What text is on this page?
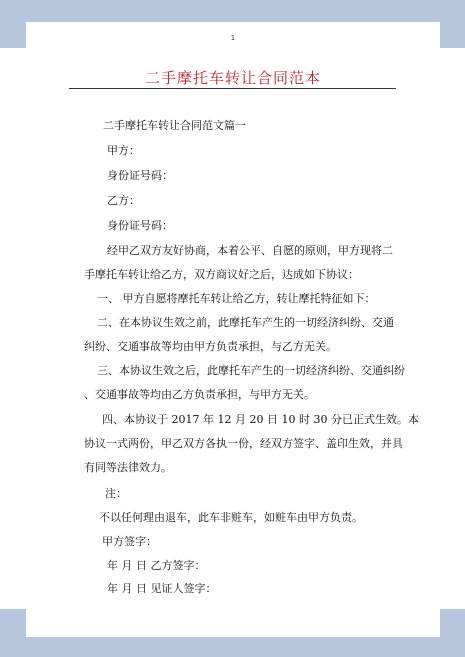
1
二手摩托车转让合同范本
二手摩托车转让合同范文篇一
甲方：
身份证号码：
乙方：
身份证号码：
经甲乙双方友好协商，本着公平、自愿的原则，甲方现将二
手摩托车转让给乙方，双方商议好之后，达成如下协议：
一、 甲方自愿将摩托车转让给乙方，转让摩托特征如下：
二、在本协议生效之前，此摩托车产生的一切经济纠纷、交通
纠纷、交通事故等均由甲方负责承担，与乙方无关。
三、本协议生效之后，此摩托车产生的一切经济纠纷、交通纠纷
、交通事故等均由乙方负责承担，与甲方无关。
四、本协议于 2017 年 12 月 20 日 10 时 30 分已正式生效。本
协议一式两份，甲乙双方各执一份，经双方签字、盖印生效，并具
有同等法律效力。
注：
不以任何理由退车，此车非赃车，如赃车由甲方负责。
甲方签字：
年 月 日 乙方签字：
年 月 日 见证人签字：
